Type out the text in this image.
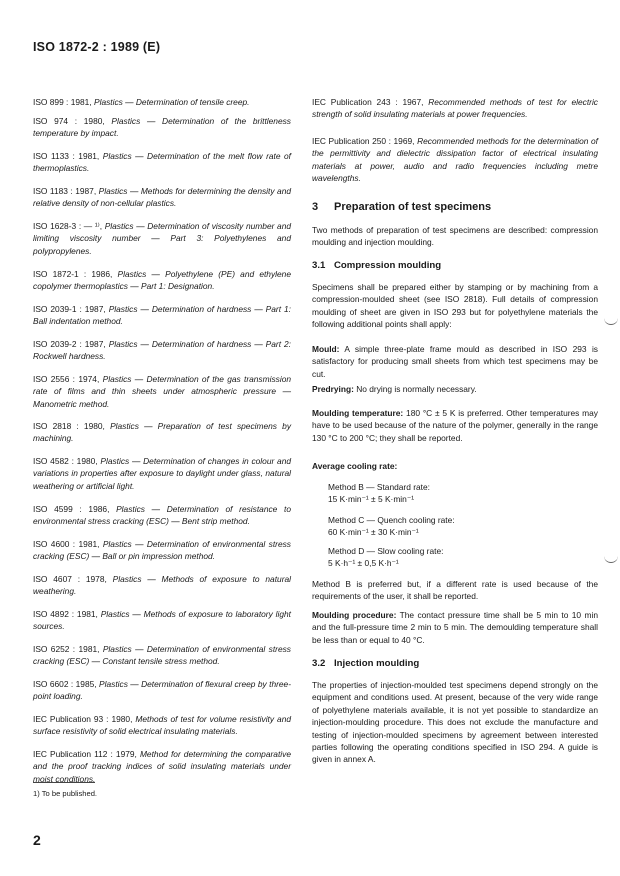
ISO 1872-2 : 1989 (E)

ISO 899 : 1981, Plastics — Determination of tensile creep.

ISO 974 : 1980, Plastics — Determination of the brittleness temperature by impact.

ISO 1133 : 1981, Plastics — Determination of the melt flow rate of thermoplastics.

ISO 1183 : 1987, Plastics — Methods for determining the density and relative density of non-cellular plastics.

ISO 1628-3 : — ¹⁾, Plastics — Determination of viscosity number and limiting viscosity number — Part 3: Polyethylenes and polypropylenes.

ISO 1872-1 : 1986, Plastics — Polyethylene (PE) and ethylene copolymer thermoplastics — Part 1: Designation.

ISO 2039-1 : 1987, Plastics — Determination of hardness — Part 1: Ball indentation method.

ISO 2039-2 : 1987, Plastics — Determination of hardness — Part 2: Rockwell hardness.

ISO 2556 : 1974, Plastics — Determination of the gas transmission rate of films and thin sheets under atmospheric pressure — Manometric method.

ISO 2818 : 1980, Plastics — Preparation of test specimens by machining.

ISO 4582 : 1980, Plastics — Determination of changes in colour and variations in properties after exposure to daylight under glass, natural weathering or artificial light.

ISO 4599 : 1986, Plastics — Determination of resistance to environmental stress cracking (ESC) — Bent strip method.

ISO 4600 : 1981, Plastics — Determination of environmental stress cracking (ESC) — Ball or pin impression method.

ISO 4607 : 1978, Plastics — Methods of exposure to natural weathering.

ISO 4892 : 1981, Plastics — Methods of exposure to laboratory light sources.

ISO 6252 : 1981, Plastics — Determination of environmental stress cracking (ESC) — Constant tensile stress method.

ISO 6602 : 1985, Plastics — Determination of flexural creep by three-point loading.

IEC Publication 93 : 1980, Methods of test for volume resistivity and surface resistivity of solid electrical insulating materials.

IEC Publication 112 : 1979, Method for determining the comparative and the proof tracking indices of solid insulating materials under moist conditions.

IEC Publication 243 : 1967, Recommended methods of test for electric strength of solid insulating materials at power frequencies.

IEC Publication 250 : 1969, Recommended methods for the determination of the permittivity and dielectric dissipation factor of electrical insulating materials at power, audio and radio frequencies including metre wavelengths.

3 Preparation of test specimens

Two methods of preparation of test specimens are described: compression moulding and injection moulding.

3.1 Compression moulding

Specimens shall be prepared either by stamping or by machining from a compression-moulded sheet (see ISO 2818). Full details of compression moulding of sheet are given in ISO 293 but for polyethylene materials the following additional points shall apply:

Mould: A simple three-plate frame mould as described in ISO 293 is satisfactory for producing small sheets from which test specimens may be cut.

Predrying: No drying is normally necessary.

Moulding temperature: 180 °C ± 5 K is preferred. Other temperatures may have to be used because of the nature of the polymer, generally in the range 130 °C to 200 °C; they shall be reported.

Average cooling rate:

Method B — Standard rate:

15 K·min⁻¹ ± 5 K·min⁻¹

Method C — Quench cooling rate:

60 K·min⁻¹ ± 30 K·min⁻¹

Method D — Slow cooling rate:

5 K·h⁻¹ ± 0,5 K·h⁻¹

Method B is preferred but, if a different rate is used because of the requirements of the user, it shall be reported.

Moulding procedure: The contact pressure time shall be 5 min to 10 min and the full-pressure time 2 min to 5 min. The demoulding temperature shall be less than or equal to 40 °C.

3.2 Injection moulding

The properties of injection-moulded test specimens depend strongly on the equipment and conditions used. At present, because of the very wide range of polyethylene materials available, it is not yet possible to standardize an injection-moulding procedure. This does not exclude the manufacture and testing of injection-moulded specimens by agreement between interested parties following the operating conditions specified in ISO 294. A guide is given in annex A.

1) To be published.
2
